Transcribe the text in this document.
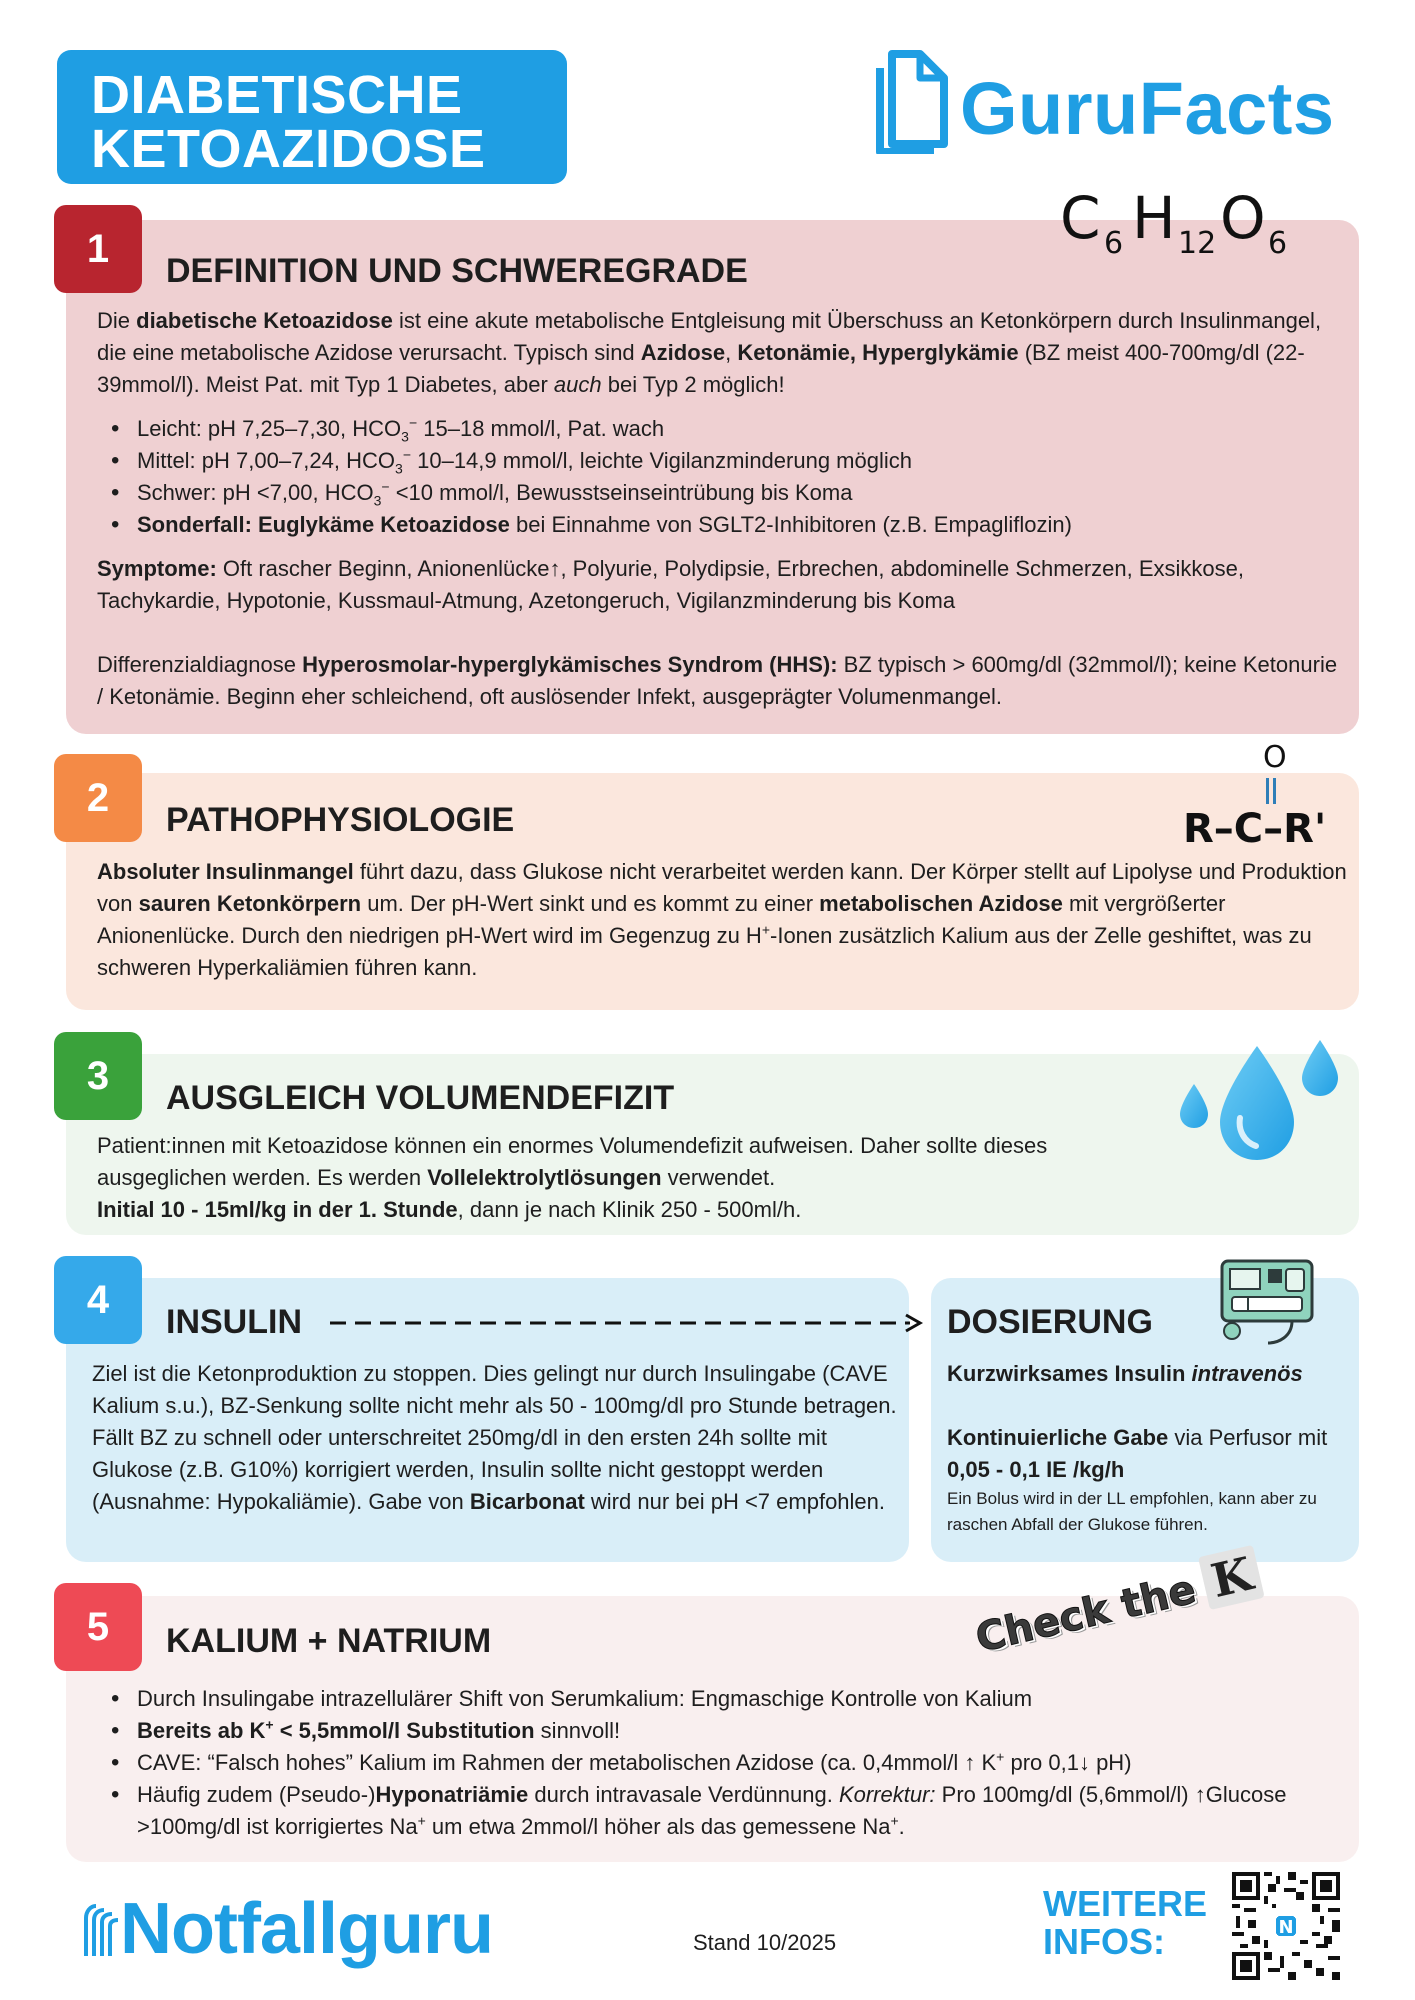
DIABETISCHE
KETOAZIDOSE	GuruFacts
1
DEFINITION UND SCHWEREGRADE
C 6 H 12 O 6

Die diabetische Ketoazidose ist eine akute metabolische Entgleisung mit Überschuss an Ketonkörpern durch Insulinmangel, die eine metabolische Azidose verursacht. Typisch sind Azidose, Ketonämie, Hyperglykämie (BZ meist 400-700mg/dl (22-39mmol/l). Meist Pat. mit Typ 1 Diabetes, aber auch bei Typ 2 möglich!

• Leicht: pH 7,25–7,30, $HCO_3^-$ 15–18 mmol/l, Pat. wach
• Mittel: pH 7,00–7,24, $HCO_3^-$ 10–14,9 mmol/l, leichte Vigilanzminderung möglich
• Schwer: pH <7,00, $HCO_3^- <10$ mmol/l, Bewusstseinseintrübung bis Koma
• Sonderfall: Euglykäme Ketoazidose bei Einnahme von SGLT2-Inhibitoren (z.B. Empagliflozin)

Symptome: Oft rascher Beginn, Anionenlücke↑, Polyurie, Polydipsie, Erbrechen, abdominelle Schmerzen, Exsikkose, Tachykardie, Hypotonie, Kussmaul-Atmung, Azetongeruch, Vigilanzminderung bis Koma

Differenzialdiagnose Hyperosmolar-hyperglykämisches Syndrom (HHS): BZ typisch > 600mg/dl (32mmol/l); keine Ketonurie / Ketonämie. Beginn eher schleichend, oft auslösender Infekt, ausgeprägter Volumenmangel.

2
PATHOPHYSIOLOGIE
O
R–C–R'

Absoluter Insulinmangel führt dazu, dass Glukose nicht verarbeitet werden kann. Der Körper stellt auf Lipolyse und Produktion von sauren Ketonkörpern um. Der pH-Wert sinkt und es kommt zu einer metabolischen Azidose mit vergrößerter Anionenlücke. Durch den niedrigen pH-Wert wird im Gegenzug zu H+-Ionen zusätzlich Kalium aus der Zelle geshiftet, was zu schweren Hyperkaliämien führen kann.

3
AUSGLEICH VOLUMENDEFIZIT

Patient:innen mit Ketoazidose können ein enormes Volumendefizit aufweisen. Daher sollte dieses ausgeglichen werden. Es werden Vollelektrolytlösungen verwendet.

Initial 10 - 15ml/kg in der 1. Stunde, dann je nach Klinik 250 - 500ml/h.

4
INSULIN

Ziel ist die Ketonproduktion zu stoppen. Dies gelingt nur durch Insulingabe (CAVE Kalium s.u.), BZ-Senkung sollte nicht mehr als 50 - 100mg/dl pro Stunde betragen. Fällt BZ zu schnell oder unterschreitet 250mg/dl in den ersten 24h sollte mit Glukose (z.B. G10%) korrigiert werden, Insulin sollte nicht gestoppt werden (Ausnahme: Hypokaliämie). Gabe von Bicarbonat wird nur bei pH <7 empfohlen.

DOSIERUNG

Kurzwirksames Insulin intravenös

Kontinuierliche Gabe via Perfusor mit 0,05 - 0,1 IE /kg/h

Ein Bolus wird in der LL empfohlen, kann aber zu raschen Abfall der Glukose führen.

5	KALIUM + NATRIUM	Check the K
• Durch Insulingabe intrazellulärer Shift von Serumkalium: Engmaschige Kontrolle von Kalium
• Bereits ab K+ < 5,5mmol/l Substitution sinnvoll!
• CAVE: “Falsch hohes” Kalium im Rahmen der metabolischen Azidose (ca. 0,4mmol/l ↑ K+ pro 0,1↓ pH)
• Häufig zudem (Pseudo-)Hyponatriämie durch intravasale Verdünnung. Korrektur: Pro 100mg/dl (5,6mmol/l) ↑Glucose >100mg/dl ist korrigiertes Na+ um etwa 2mmol/l höher als das gemessene Na+.
Notfallguru	Stand 10/2025
WEITERE
INFOS:	N
